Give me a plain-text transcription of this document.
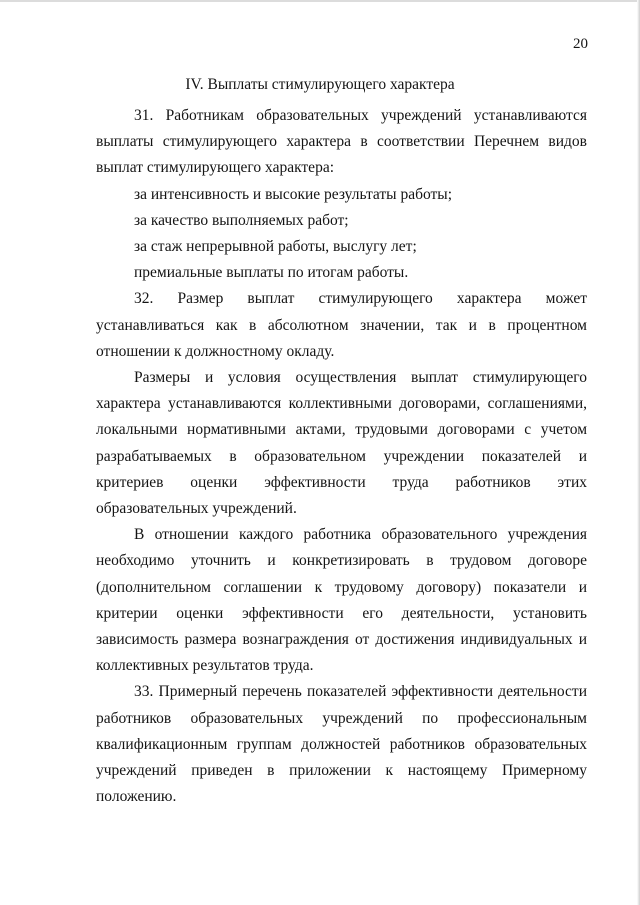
20
IV. Выплаты стимулирующего характера

31. Работникам образовательных учреждений устанавливаются выплаты стимулирующего характера в соответствии Перечнем видов выплат стимулирующего характера:

за интенсивность и высокие результаты работы;

за качество выполняемых работ;

за стаж непрерывной работы, выслугу лет;

премиальные выплаты по итогам работы.

32. Размер выплат стимулирующего характера может устанавливаться как в абсолютном значении, так и в процентном отношении к должностному окладу.

Размеры и условия осуществления выплат стимулирующего характера устанавливаются коллективными договорами, соглашениями, локальными нормативными актами, трудовыми договорами с учетом разрабатываемых в образовательном учреждении показателей и критериев оценки эффективности труда работников этих образовательных учреждений.

В отношении каждого работника образовательного учреждения необходимо уточнить и конкретизировать в трудовом договоре (дополнительном соглашении к трудовому договору) показатели и критерии оценки эффективности его деятельности, установить зависимость размера вознаграждения от достижения индивидуальных и коллективных результатов труда.

33. Примерный перечень показателей эффективности деятельности работников образовательных учреждений по профессиональным квалификационным группам должностей работников образовательных учреждений приведен в приложении к настоящему Примерному положению.
